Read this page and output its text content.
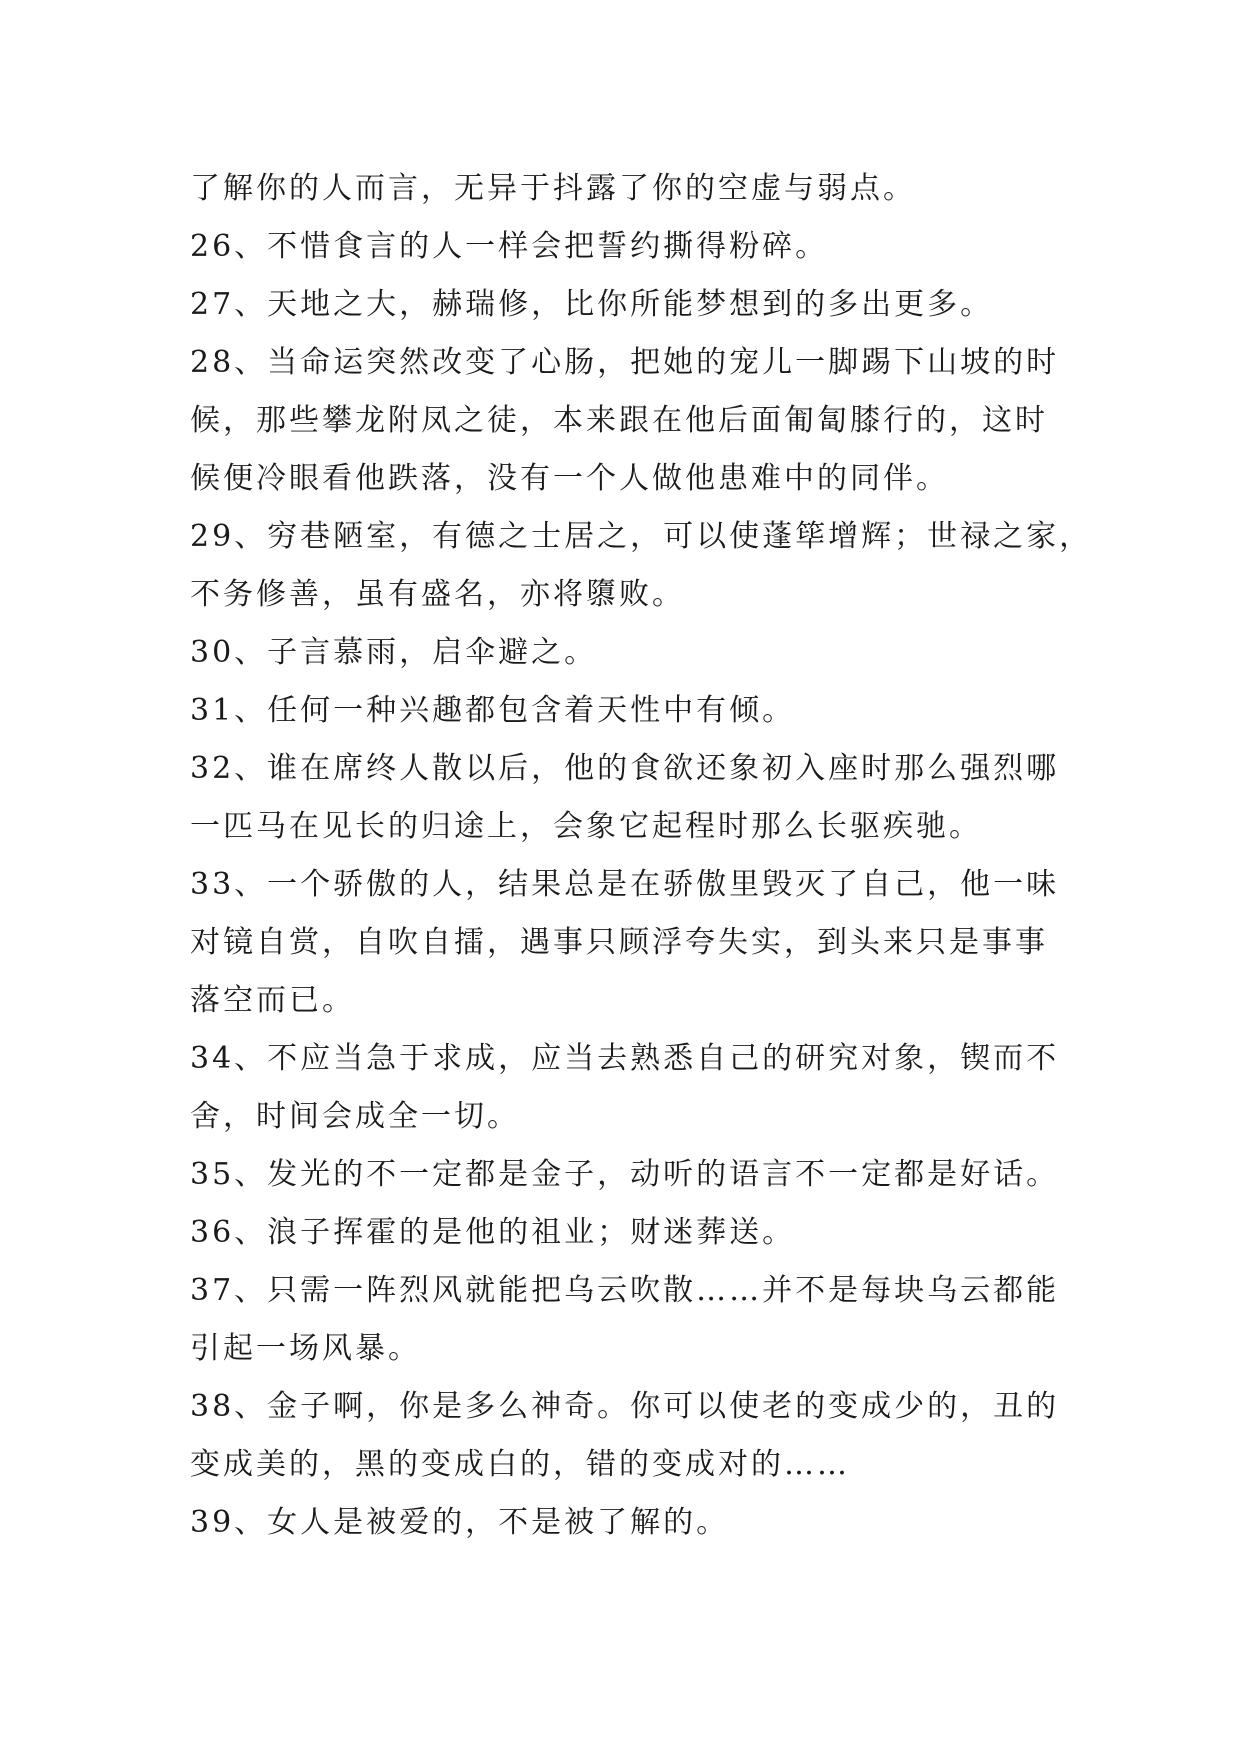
了解你的人而言，无异于抖露了你的空虚与弱点。
26、不惜食言的人一样会把誓约撕得粉碎。
27、天地之大，赫瑞修，比你所能梦想到的多出更多。
28、当命运突然改变了心肠，把她的宠儿一脚踢下山坡的时
候，那些攀龙附凤之徒，本来跟在他后面匍匐膝行的，这时
候便冷眼看他跌落，没有一个人做他患难中的同伴。
29、穷巷陋室，有德之士居之，可以使蓬筚增辉；世禄之家，
不务修善，虽有盛名，亦将隳败。
30、子言慕雨，启伞避之。
31、任何一种兴趣都包含着天性中有倾。
32、谁在席终人散以后，他的食欲还象初入座时那么强烈哪
一匹马在见长的归途上，会象它起程时那么长驱疾驰。
33、一个骄傲的人，结果总是在骄傲里毁灭了自己，他一味
对镜自赏，自吹自擂，遇事只顾浮夸失实，到头来只是事事
落空而已。
34、不应当急于求成，应当去熟悉自己的研究对象，锲而不
舍，时间会成全一切。
35、发光的不一定都是金子，动听的语言不一定都是好话。
36、浪子挥霍的是他的祖业；财迷葬送。
37、只需一阵烈风就能把乌云吹散……并不是每块乌云都能
引起一场风暴。
38、金子啊，你是多么神奇。你可以使老的变成少的，丑的
变成美的，黑的变成白的，错的变成对的……
39、女人是被爱的，不是被了解的。
